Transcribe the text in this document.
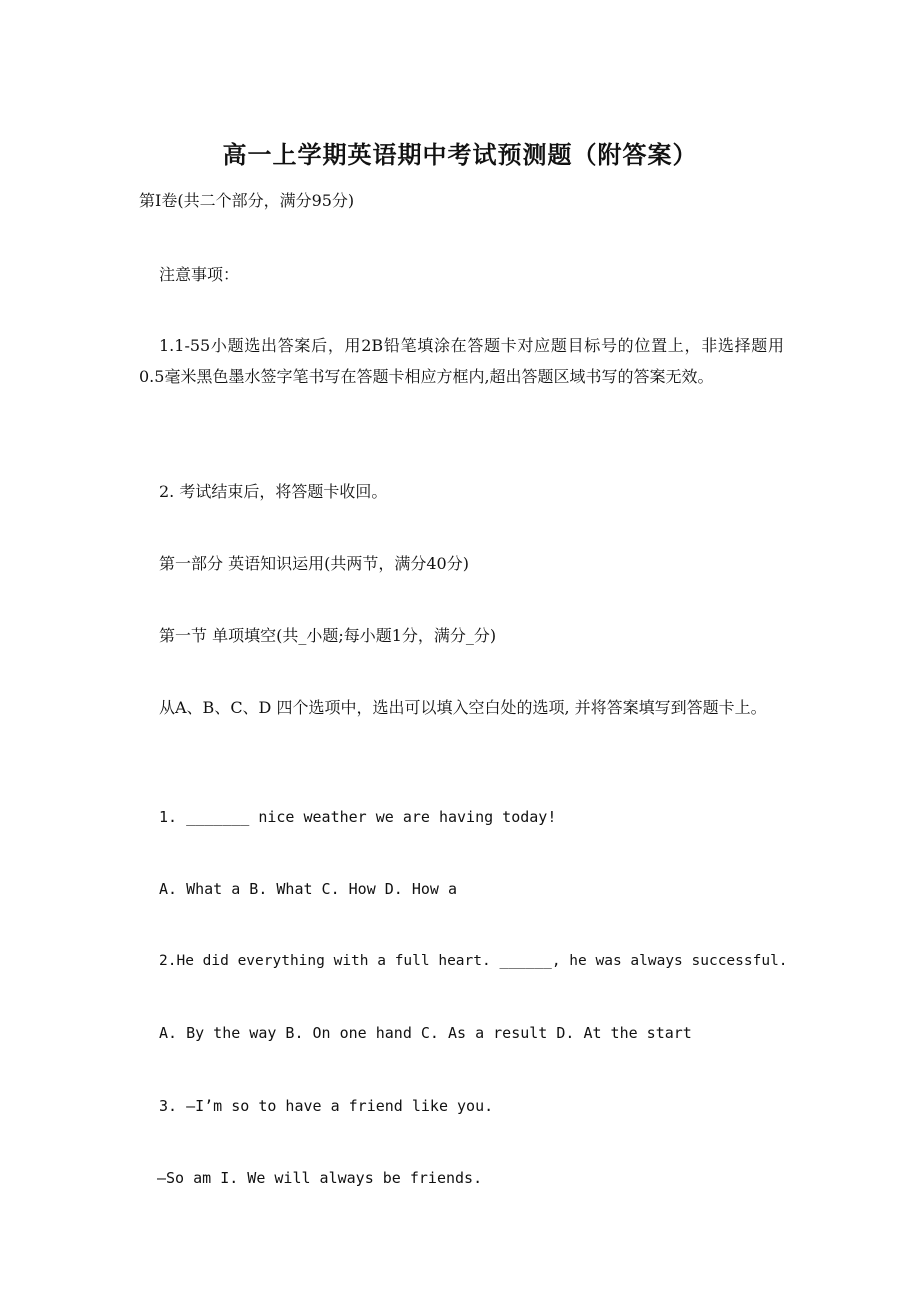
高一上学期英语期中考试预测题（附答案）
第Ⅰ卷(共二个部分，满分95分)
注意事项：
1.1-55小题选出答案后，用2B铅笔填涂在答题卡对应题目标号的位置上，非选择题用0.5毫米黑色墨水签字笔书写在答题卡相应方框内,超出答题区域书写的答案无效。
2. 考试结束后，将答题卡收回。
第一部分 英语知识运用(共两节，满分40分)
第一节 单项填空(共_小题;每小题1分，满分_分)
从A、B、C、D 四个选项中，选出可以填入空白处的选项, 并将答案填写到答题卡上。
1. _______ nice weather we are having today!
A. What a B. What C. How D. How a
2.He did everything with a full heart. ______, he was always successful.
A. By the way B. On one hand C. As a result D. At the start
3. —I’m so to have a friend like you.
—So am I. We will always be friends.
